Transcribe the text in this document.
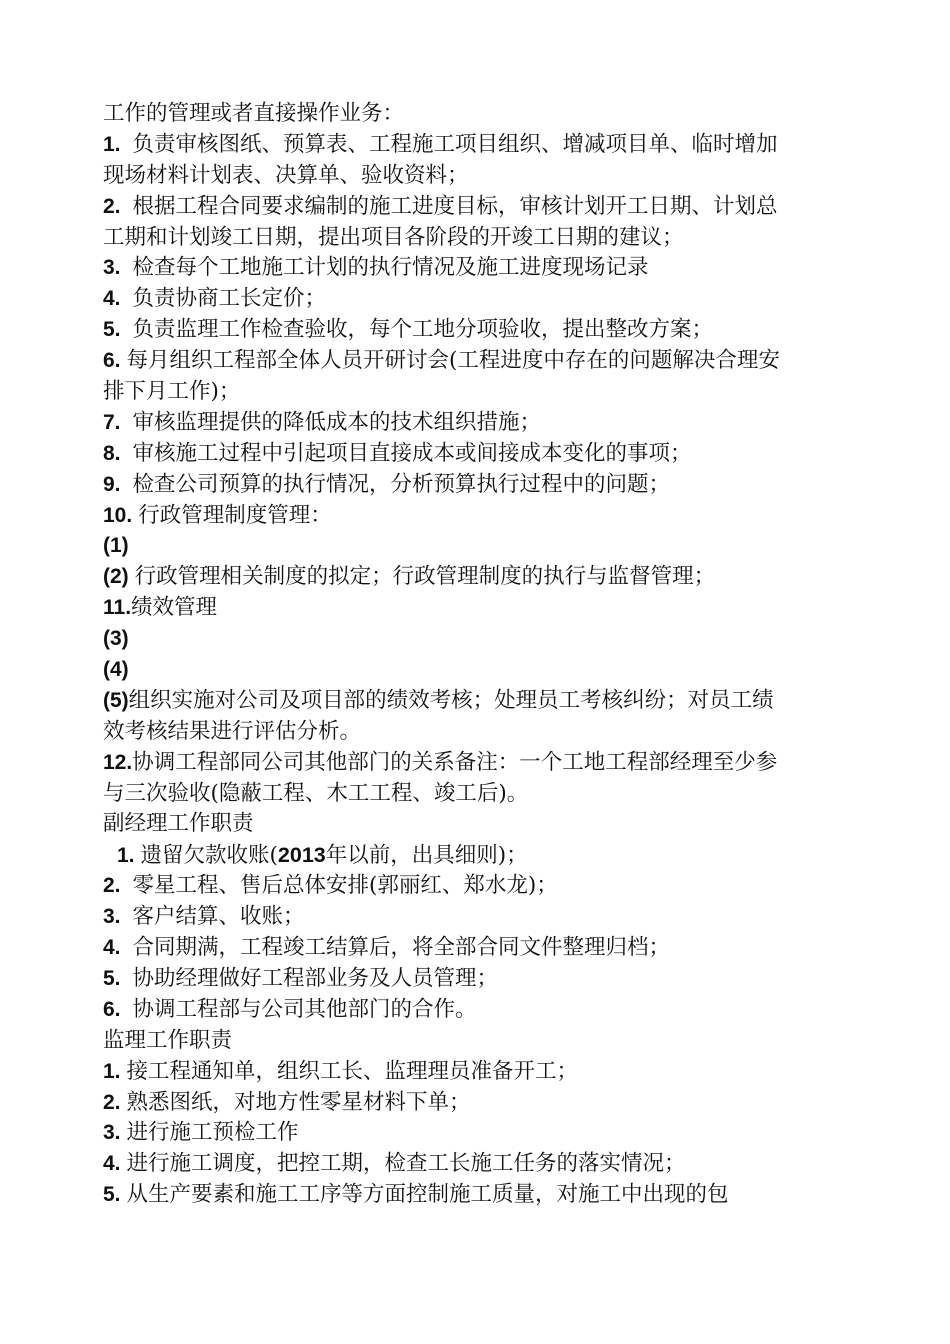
工作的管理或者直接操作业务：
1. 负责审核图纸、预算表、工程施工项目组织、增减项目单、临时增加
现场材料计划表、决算单、验收资料；
2. 根据工程合同要求编制的施工进度目标，审核计划开工日期、计划总
工期和计划竣工日期，提出项目各阶段的开竣工日期的建议；
3. 检查每个工地施工计划的执行情况及施工进度现场记录
4. 负责协商工长定价；
5. 负责监理工作检查验收，每个工地分项验收，提出整改方案；
6. 每月组织工程部全体人员开研讨会(工程进度中存在的问题解决合理安
排下月工作)；
7. 审核监理提供的降低成本的技术组织措施；
8. 审核施工过程中引起项目直接成本或间接成本变化的事项；
9. 检查公司预算的执行情况，分析预算执行过程中的问题；
10. 行政管理制度管理：
(1)
(2) 行政管理相关制度的拟定；行政管理制度的执行与监督管理；
11.绩效管理
(3)
(4)
(5)组织实施对公司及项目部的绩效考核；处理员工考核纠纷；对员工绩
效考核结果进行评估分析。
12.协调工程部同公司其他部门的关系备注：一个工地工程部经理至少参
与三次验收(隐蔽工程、木工工程、竣工后)。
副经理工作职责
1. 遗留欠款收账(2013年以前，出具细则)；
2. 零星工程、售后总体安排(郭丽红、郑水龙)；
3. 客户结算、收账；
4. 合同期满，工程竣工结算后，将全部合同文件整理归档；
5. 协助经理做好工程部业务及人员管理；
6. 协调工程部与公司其他部门的合作。
监理工作职责
1. 接工程通知单，组织工长、监理理员准备开工；
2. 熟悉图纸，对地方性零星材料下单；
3. 进行施工预检工作
4. 进行施工调度，把控工期，检查工长施工任务的落实情况；
5. 从生产要素和施工工序等方面控制施工质量，对施工中出现的包
